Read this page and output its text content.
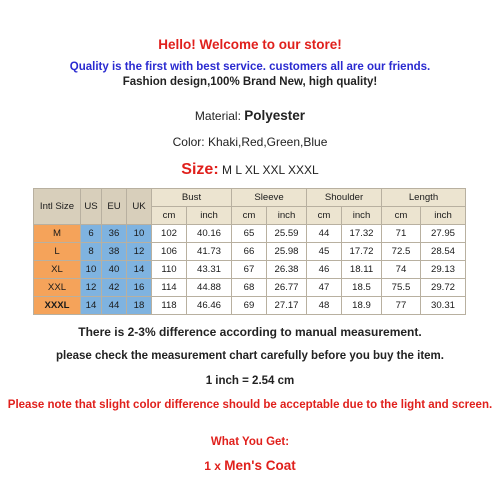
Hello! Welcome to our store!
Quality is the first with best service. customers all are our friends.
Fashion design,100% Brand New, high quality!
Material: Polyester
Color: Khaki,Red,Green,Blue
Size: M L XL XXL XXXL
Intl Size	US	EU	UK	Bust		Sleeve		Shoulder		Length	
				cm	inch	cm	inch	cm	inch	cm	inch
M	6	36	10	102	40.16	65	25.59	44	17.32	71	27.95
L	8	38	12	106	41.73	66	25.98	45	17.72	72.5	28.54
XL	10	40	14	110	43.31	67	26.38	46	18.11	74	29.13
XXL	12	42	16	114	44.88	68	26.77	47	18.5	75.5	29.72
XXXL	14	44	18	118	46.46	69	27.17	48	18.9	77	30.31
There is 2-3% difference according to manual measurement.
please check the measurement chart carefully before you buy the item.
1 inch = 2.54 cm
Please note that slight color difference should be acceptable due to the light and screen.
What You Get:
1 x Men's Coat
